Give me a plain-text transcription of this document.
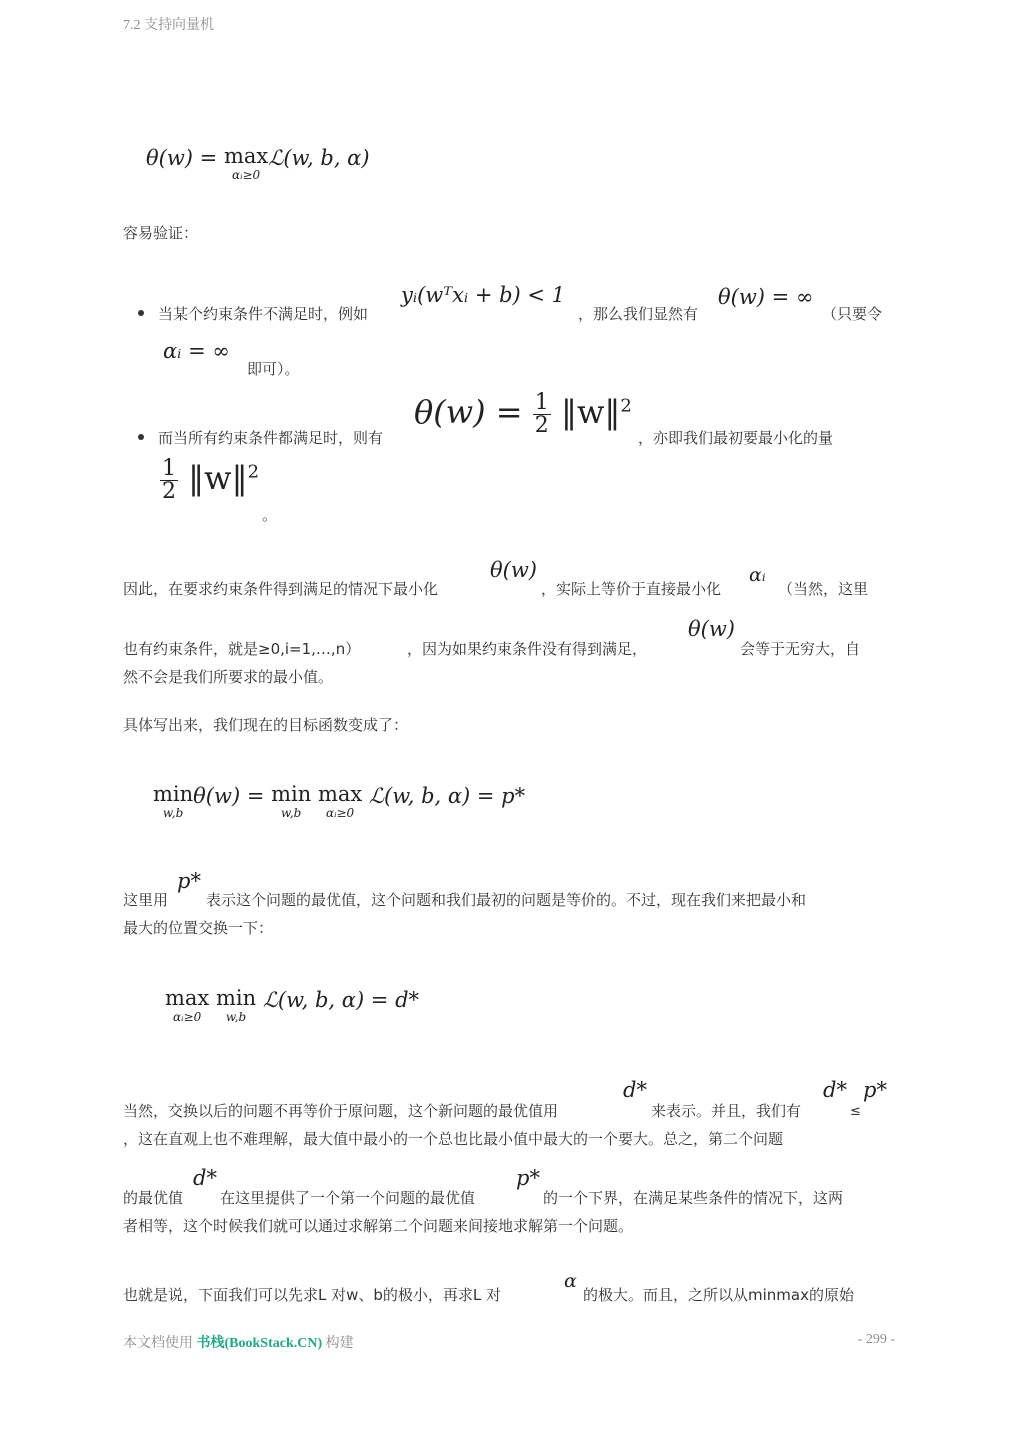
7.2 支持向量机
θ(w) = max
αᵢ≥0
ℒ(w, b, α)
容易验证：
当某个约束条件不满足时，例如
yᵢ(wᵀxᵢ + b) < 1
，那么我们显然有
θ(w) = ∞
（只要令
αᵢ = ∞
即可）。
而当所有约束条件都满足时，则有
$\theta(w) = \frac{1}{2}$ ‖w‖$^2$
，亦即我们最初要最小化的量
$\frac{1}{2}$ ‖w‖$^2$
。
因此，在要求约束条件得到满足的情况下最小化
θ(w)
，实际上等价于直接最小化
αᵢ
（当然，这里
也有约束条件，就是≥0,i=1,…,n）	，因为如果约束条件没有得到满足，
θ(w)
会等于无穷大，自
然不会是我们所要求的最小值。
具体写出来，我们现在的目标函数变成了：
min
w,b
θ(w) = min
w,b
max
αᵢ≥0
ℒ(w, b, α) = p*
这里用
p*
表示这个问题的最优值，这个问题和我们最初的问题是等价的。不过，现在我们来把最小和
最大的位置交换一下：
max
αᵢ≥0
min
w,b
ℒ(w, b, α) = d*
当然，交换以后的问题不再等价于原问题，这个新问题的最优值用
d*
来表示。并且，我们有
d*
≤
p*
，这在直观上也不难理解，最大值中最小的一个总也比最小值中最大的一个要大。总之，第二个问题
的最优值
d*
在这里提供了一个第一个问题的最优值
p*
的一个下界，在满足某些条件的情况下，这两
者相等，这个时候我们就可以通过求解第二个问题来间接地求解第一个问题。
也就是说，下面我们可以先求L 对w、b的极小，再求L 对
α
的极大。而且，之所以从minmax的原始
本文档使用 书栈(BookStack.CN) 构建	- 299 -
